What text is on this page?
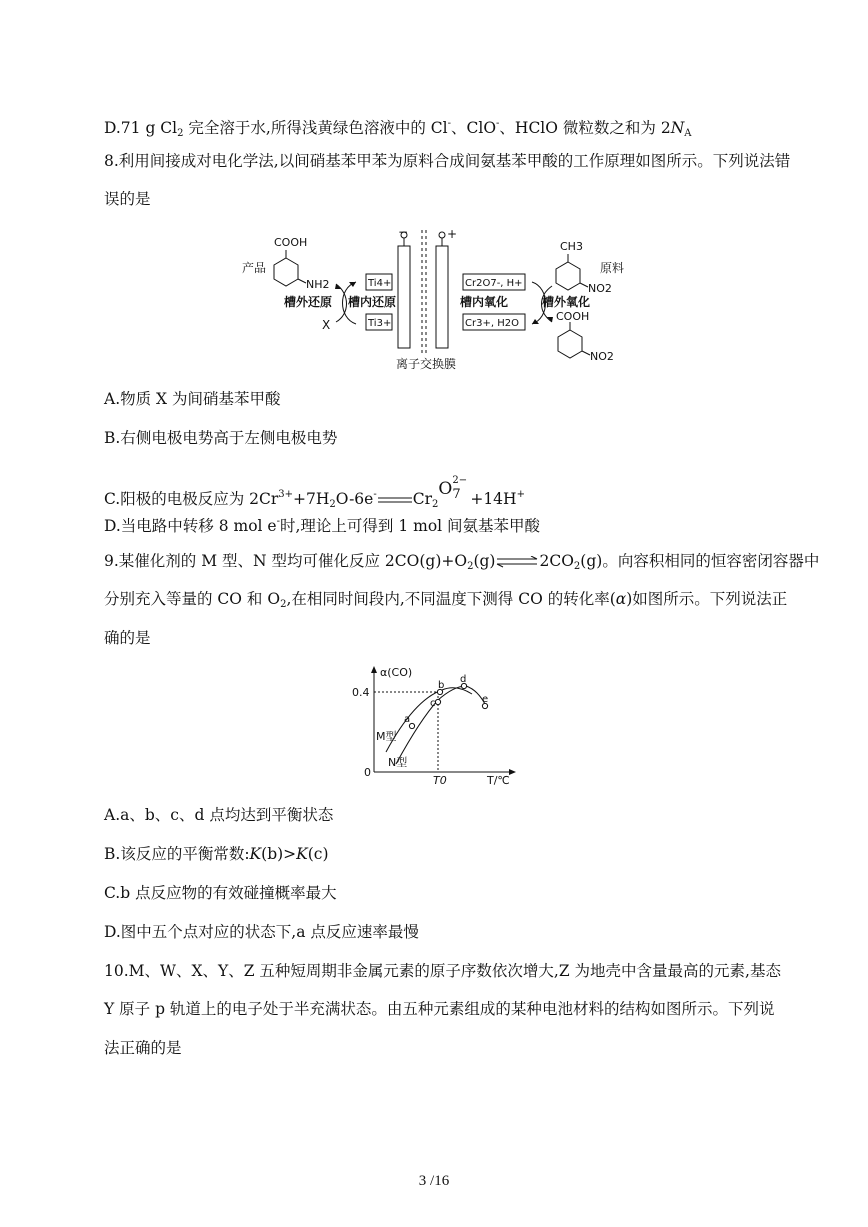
D.71 g $Cl_2$ 完全溶于水,所得浅黄绿色溶液中的 Cl-、ClO-、HClO 微粒数之和为 $2N_A$
8.利用间接成对电化学法,以间硝基苯甲苯为原料合成间氨基苯甲酸的工作原理如图所示。下列说法错
误的是
产品
COOH
NH2
槽外还原
X
槽内还原
Ti4+
Ti3+
−	+
离子交换膜
Cr2O7-, H+
Cr3+, H2O
槽内氧化	槽外氧化
CH3
NO2
原料
COOH
NO2
A.物质 X 为间硝基苯甲酸
B.右侧电极电势高于左侧电极电势
C.阳极的电极反应为 $2Cr^{3+}+7H_2O-6e^-$ $Cr_2O$ 2−
7 +14H+
D.当电路中转移 8 mol e-时,理论上可得到 1 mol 间氨基苯甲酸
9.某催化剂的 M 型、N 型均可催化反应 $2CO(g)+O_2(g)\rightleftharpoons 2CO_2(g)$。向容积相同的恒容密闭容器中
分别充入等量的 CO 和 $O_2$,在相同时间段内,不同温度下测得 CO 的转化率(α)如图所示。下列说法正
确的是
α(CO)
0.4
0
T0	T/℃
M型
N型
a
b
c
d
e
A.a、b、c、d 点均达到平衡状态
B.该反应的平衡常数:K(b)>K(c)
C.b 点反应物的有效碰撞概率最大
D.图中五个点对应的状态下,a 点反应速率最慢
10.M、W、X、Y、Z 五种短周期非金属元素的原子序数依次增大,Z 为地壳中含量最高的元素,基态
Y 原子 p 轨道上的电子处于半充满状态。由五种元素组成的某种电池材料的结构如图所示。下列说
法正确的是
3 /16
